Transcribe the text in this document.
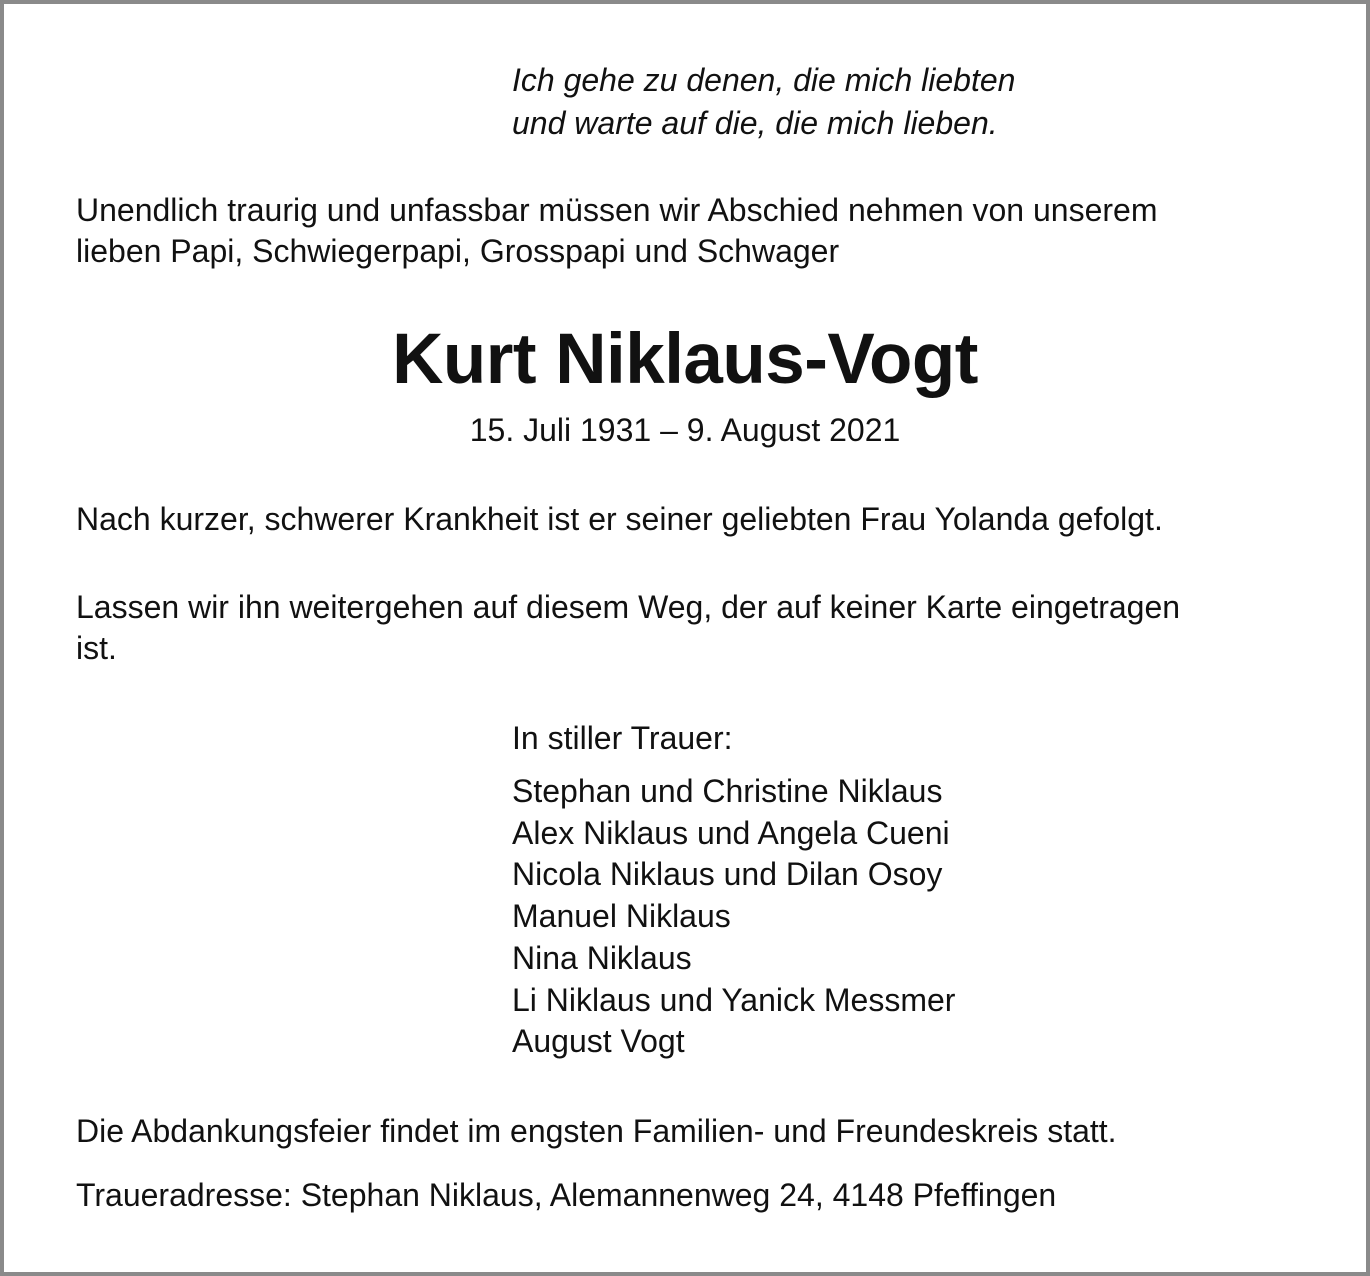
Ich gehe zu denen, die mich liebten
und warte auf die, die mich lieben.
Unendlich traurig und unfassbar müssen wir Abschied nehmen von unserem
lieben Papi, Schwiegerpapi, Grosspapi und Schwager
Kurt Niklaus-Vogt
15. Juli 1931 – 9. August 2021
Nach kurzer, schwerer Krankheit ist er seiner geliebten Frau Yolanda gefolgt.
Lassen wir ihn weitergehen auf diesem Weg, der auf keiner Karte eingetragen
ist.
In stiller Trauer:
Stephan und Christine Niklaus
Alex Niklaus und Angela Cueni
Nicola Niklaus und Dilan Osoy
Manuel Niklaus
Nina Niklaus
Li Niklaus und Yanick Messmer
August Vogt
Die Abdankungsfeier findet im engsten Familien- und Freundeskreis statt.
Traueradresse: Stephan Niklaus, Alemannenweg 24, 4148 Pfeffingen
